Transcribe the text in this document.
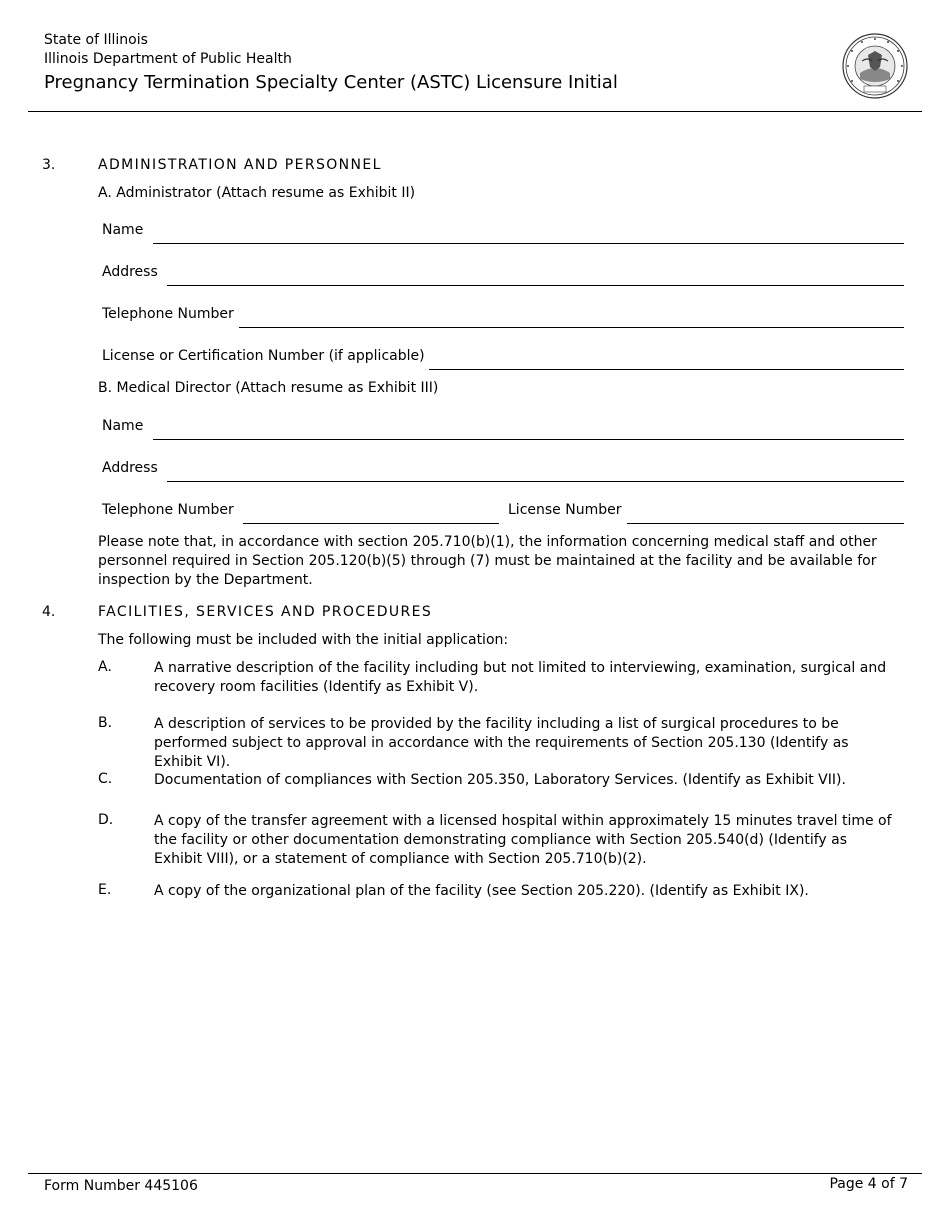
State of Illinois
Illinois Department of Public Health
Pregnancy Termination Specialty Center (ASTC) Licensure Initial
3.	ADMINISTRATION AND PERSONNEL
A. Administrator (Attach resume as Exhibit II)
Name
Address
Telephone Number
License or Certification Number (if applicable)
B. Medical Director (Attach resume as Exhibit III)
Name
Address
Telephone Number	License Number
Please note that, in accordance with section 205.710(b)(1), the information concerning medical staff and other personnel required in Section 205.120(b)(5) through (7) must be maintained at the facility and be available for inspection by the Department.
4.	FACILITIES, SERVICES AND PROCEDURES
The following must be included with the initial application:
A.	A narrative description of the facility including but not limited to interviewing, examination, surgical and recovery room facilities (Identify as Exhibit V).
B.	A description of services to be provided by the facility including a list of surgical procedures to be performed subject to approval in accordance with the requirements of Section 205.130 (Identify as Exhibit VI).
C.	Documentation of compliances with Section 205.350, Laboratory Services. (Identify as Exhibit VII).
D.	A copy of the transfer agreement with a licensed hospital within approximately 15 minutes travel time of the facility or other documentation demonstrating compliance with Section 205.540(d) (Identify as Exhibit VIII), or a statement of compliance with Section 205.710(b)(2).
E.	A copy of the organizational plan of the facility (see Section 205.220). (Identify as Exhibit IX).
Form Number 445106	Page 4 of 7
